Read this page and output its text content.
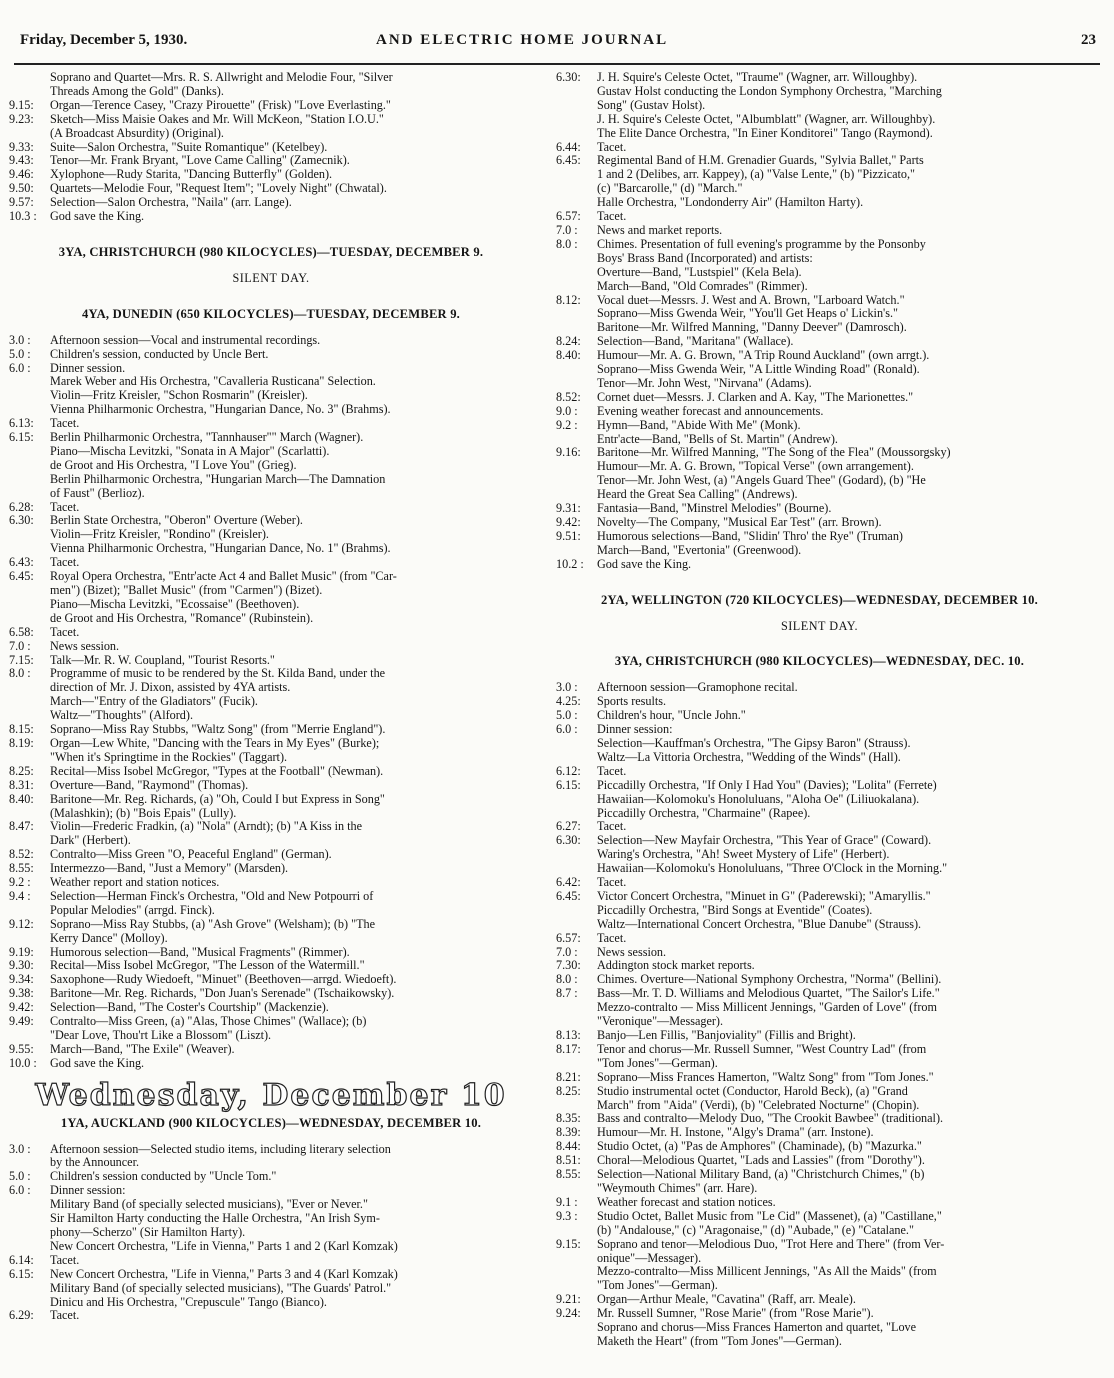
Friday, December 5, 1930.	AND ELECTRIC HOME JOURNAL	23
Soprano and Quartet—Mrs. R. S. Allwright and Melodie Four, "Silver
Threads Among the Gold" (Danks).
9.15:	Organ—Terence Casey, "Crazy Pirouette" (Frisk) "Love Everlasting."
9.23:	Sketch—Miss Maisie Oakes and Mr. Will McKeon, "Station I.O.U."
(A Broadcast Absurdity) (Original).
9.33:	Suite—Salon Orchestra, "Suite Romantique" (Ketelbey).
9.43:	Tenor—Mr. Frank Bryant, "Love Came Calling" (Zamecnik).
9.46:	Xylophone—Rudy Starita, "Dancing Butterfly" (Golden).
9.50:	Quartets—Melodie Four, "Request Item"; "Lovely Night" (Chwatal).
9.57:	Selection—Salon Orchestra, "Naila" (arr. Lange).
10.3 :	God save the King.
3YA, CHRISTCHURCH (980 KILOCYCLES)—TUESDAY, DECEMBER 9.
SILENT DAY.
4YA, DUNEDIN (650 KILOCYCLES)—TUESDAY, DECEMBER 9.
3.0 :	Afternoon session—Vocal and instrumental recordings.
5.0 :	Children's session, conducted by Uncle Bert.
6.0 :	Dinner session.
Marek Weber and His Orchestra, "Cavalleria Rusticana" Selection.
Violin—Fritz Kreisler, "Schon Rosmarin" (Kreisler).
Vienna Philharmonic Orchestra, "Hungarian Dance, No. 3" (Brahms).
6.13:	Tacet.
6.15:	Berlin Philharmonic Orchestra, "Tannhauser"" March (Wagner).
Piano—Mischa Levitzki, "Sonata in A Major" (Scarlatti).
de Groot and His Orchestra, "I Love You" (Grieg).
Berlin Philharmonic Orchestra, "Hungarian March—The Damnation
of Faust" (Berlioz).
6.28:	Tacet.
6.30:	Berlin State Orchestra, "Oberon" Overture (Weber).
Violin—Fritz Kreisler, "Rondino" (Kreisler).
Vienna Philharmonic Orchestra, "Hungarian Dance, No. 1" (Brahms).
6.43:	Tacet.
6.45:	Royal Opera Orchestra, "Entr'acte Act 4 and Ballet Music" (from "Car-
men") (Bizet); "Ballet Music" (from "Carmen") (Bizet).
Piano—Mischa Levitzki, "Ecossaise" (Beethoven).
de Groot and His Orchestra, "Romance" (Rubinstein).
6.58:	Tacet.
7.0 :	News session.
7.15:	Talk—Mr. R. W. Coupland, "Tourist Resorts."
8.0 :	Programme of music to be rendered by the St. Kilda Band, under the
direction of Mr. J. Dixon, assisted by 4YA artists.
March—"Entry of the Gladiators" (Fucik).
Waltz—"Thoughts" (Alford).
8.15:	Soprano—Miss Ray Stubbs, "Waltz Song" (from "Merrie England").
8.19:	Organ—Lew White, "Dancing with the Tears in My Eyes" (Burke);
"When it's Springtime in the Rockies" (Taggart).
8.25:	Recital—Miss Isobel McGregor, "Types at the Football" (Newman).
8.31:	Overture—Band, "Raymond" (Thomas).
8.40:	Baritone—Mr. Reg. Richards, (a) "Oh, Could I but Express in Song"
(Malashkin); (b) "Bois Epais" (Lully).
8.47:	Violin—Frederic Fradkin, (a) "Nola" (Arndt); (b) "A Kiss in the
Dark" (Herbert).
8.52:	Contralto—Miss Green "O, Peaceful England" (German).
8.55:	Intermezzo—Band, "Just a Memory" (Marsden).
9.2 :	Weather report and station notices.
9.4 :	Selection—Herman Finck's Orchestra, "Old and New Potpourri of
Popular Melodies" (arrgd. Finck).
9.12:	Soprano—Miss Ray Stubbs, (a) "Ash Grove" (Welsham); (b) "The
Kerry Dance" (Molloy).
9.19:	Humorous selection—Band, "Musical Fragments" (Rimmer).
9.30:	Recital—Miss Isobel McGregor, "The Lesson of the Watermill."
9.34:	Saxophone—Rudy Wiedoeft, "Minuet" (Beethoven—arrgd. Wiedoeft).
9.38:	Baritone—Mr. Reg. Richards, "Don Juan's Serenade" (Tschaikowsky).
9.42:	Selection—Band, "The Coster's Courtship" (Mackenzie).
9.49:	Contralto—Miss Green, (a) "Alas, Those Chimes" (Wallace); (b)
"Dear Love, Thou'rt Like a Blossom" (Liszt).
9.55:	March—Band, "The Exile" (Weaver).
10.0 :	God save the King.
Wednesday, December 10
1YA, AUCKLAND (900 KILOCYCLES)—WEDNESDAY, DECEMBER 10.
3.0 :	Afternoon session—Selected studio items, including literary selection
by the Announcer.
5.0 :	Children's session conducted by "Uncle Tom."
6.0 :	Dinner session:
Military Band (of specially selected musicians), "Ever or Never."
Sir Hamilton Harty conducting the Halle Orchestra, "An Irish Sym-
phony—Scherzo" (Sir Hamilton Harty).
New Concert Orchestra, "Life in Vienna," Parts 1 and 2 (Karl Komzak)
6.14:	Tacet.
6.15:	New Concert Orchestra, "Life in Vienna," Parts 3 and 4 (Karl Komzak)
Military Band (of specially selected musicians), "The Guards' Patrol."
Dinicu and His Orchestra, "Crepuscule" Tango (Bianco).
6.29:	Tacet.
6.30:	J. H. Squire's Celeste Octet, "Traume" (Wagner, arr. Willoughby).
Gustav Holst conducting the London Symphony Orchestra, "Marching
Song" (Gustav Holst).
J. H. Squire's Celeste Octet, "Albumblatt" (Wagner, arr. Willoughby).
The Elite Dance Orchestra, "In Einer Konditorei" Tango (Raymond).
6.44:	Tacet.
6.45:	Regimental Band of H.M. Grenadier Guards, "Sylvia Ballet," Parts
1 and 2 (Delibes, arr. Kappey), (a) "Valse Lente," (b) "Pizzicato,"
(c) "Barcarolle," (d) "March."
Halle Orchestra, "Londonderry Air" (Hamilton Harty).
6.57:	Tacet.
7.0 :	News and market reports.
8.0 :	Chimes. Presentation of full evening's programme by the Ponsonby
Boys' Brass Band (Incorporated) and artists:
Overture—Band, "Lustspiel" (Kela Bela).
March—Band, "Old Comrades" (Rimmer).
8.12:	Vocal duet—Messrs. J. West and A. Brown, "Larboard Watch."
Soprano—Miss Gwenda Weir, "You'll Get Heaps o' Lickin's."
Baritone—Mr. Wilfred Manning, "Danny Deever" (Damrosch).
8.24:	Selection—Band, "Maritana" (Wallace).
8.40:	Humour—Mr. A. G. Brown, "A Trip Round Auckland" (own arrgt.).
Soprano—Miss Gwenda Weir, "A Little Winding Road" (Ronald).
Tenor—Mr. John West, "Nirvana" (Adams).
8.52:	Cornet duet—Messrs. J. Clarken and A. Kay, "The Marionettes."
9.0 :	Evening weather forecast and announcements.
9.2 :	Hymn—Band, "Abide With Me" (Monk).
Entr'acte—Band, "Bells of St. Martin" (Andrew).
9.16:	Baritone—Mr. Wilfred Manning, "The Song of the Flea" (Moussorgsky)
Humour—Mr. A. G. Brown, "Topical Verse" (own arrangement).
Tenor—Mr. John West, (a) "Angels Guard Thee" (Godard), (b) "He
Heard the Great Sea Calling" (Andrews).
9.31:	Fantasia—Band, "Minstrel Melodies" (Bourne).
9.42:	Novelty—The Company, "Musical Ear Test" (arr. Brown).
9.51:	Humorous selections—Band, "Slidin' Thro' the Rye" (Truman)
March—Band, "Evertonia" (Greenwood).
10.2 :	God save the King.
2YA, WELLINGTON (720 KILOCYCLES)—WEDNESDAY, DECEMBER 10.
SILENT DAY.
3YA, CHRISTCHURCH (980 KILOCYCLES)—WEDNESDAY, DEC. 10.
3.0 :	Afternoon session—Gramophone recital.
4.25:	Sports results.
5.0 :	Children's hour, "Uncle John."
6.0 :	Dinner session:
Selection—Kauffman's Orchestra, "The Gipsy Baron" (Strauss).
Waltz—La Vittoria Orchestra, "Wedding of the Winds" (Hall).
6.12:	Tacet.
6.15:	Piccadilly Orchestra, "If Only I Had You" (Davies); "Lolita" (Ferrete)
Hawaiian—Kolomoku's Honoluluans, "Aloha Oe" (Liliuokalana).
Piccadilly Orchestra, "Charmaine" (Rapee).
6.27:	Tacet.
6.30:	Selection—New Mayfair Orchestra, "This Year of Grace" (Coward).
Waring's Orchestra, "Ah! Sweet Mystery of Life" (Herbert).
Hawaiian—Kolomoku's Honoluluans, "Three O'Clock in the Morning."
6.42:	Tacet.
6.45:	Victor Concert Orchestra, "Minuet in G" (Paderewski); "Amaryllis."
Piccadilly Orchestra, "Bird Songs at Eventide" (Coates).
Waltz—International Concert Orchestra, "Blue Danube" (Strauss).
6.57:	Tacet.
7.0 :	News session.
7.30:	Addington stock market reports.
8.0 :	Chimes. Overture—National Symphony Orchestra, "Norma" (Bellini).
8.7 :	Bass—Mr. T. D. Williams and Melodious Quartet, "The Sailor's Life."
Mezzo-contralto — Miss Millicent Jennings, "Garden of Love" (from
"Veronique"—Messager).
8.13:	Banjo—Len Fillis, "Banjoviality" (Fillis and Bright).
8.17:	Tenor and chorus—Mr. Russell Sumner, "West Country Lad" (from
"Tom Jones"—German).
8.21:	Soprano—Miss Frances Hamerton, "Waltz Song" from "Tom Jones."
8.25:	Studio instrumental octet (Conductor, Harold Beck), (a) "Grand
March" from "Aida" (Verdi), (b) "Celebrated Nocturne" (Chopin).
8.35:	Bass and contralto—Melody Duo, "The Crookit Bawbee" (traditional).
8.39:	Humour—Mr. H. Instone, "Algy's Drama" (arr. Instone).
8.44:	Studio Octet, (a) "Pas de Amphores" (Chaminade), (b) "Mazurka."
8.51:	Choral—Melodious Quartet, "Lads and Lassies" (from "Dorothy").
8.55:	Selection—National Military Band, (a) "Christchurch Chimes," (b)
"Weymouth Chimes" (arr. Hare).
9.1 :	Weather forecast and station notices.
9.3 :	Studio Octet, Ballet Music from "Le Cid" (Massenet), (a) "Castillane,"
(b) "Andalouse," (c) "Aragonaise," (d) "Aubade," (e) "Catalane."
9.15:	Soprano and tenor—Melodious Duo, "Trot Here and There" (from Ver-
onique"—Messager).
Mezzo-contralto—Miss Millicent Jennings, "As All the Maids" (from
"Tom Jones"—German).
9.21:	Organ—Arthur Meale, "Cavatina" (Raff, arr. Meale).
9.24:	Mr. Russell Sumner, "Rose Marie" (from "Rose Marie").
Soprano and chorus—Miss Frances Hamerton and quartet, "Love
Maketh the Heart" (from "Tom Jones"—German).
